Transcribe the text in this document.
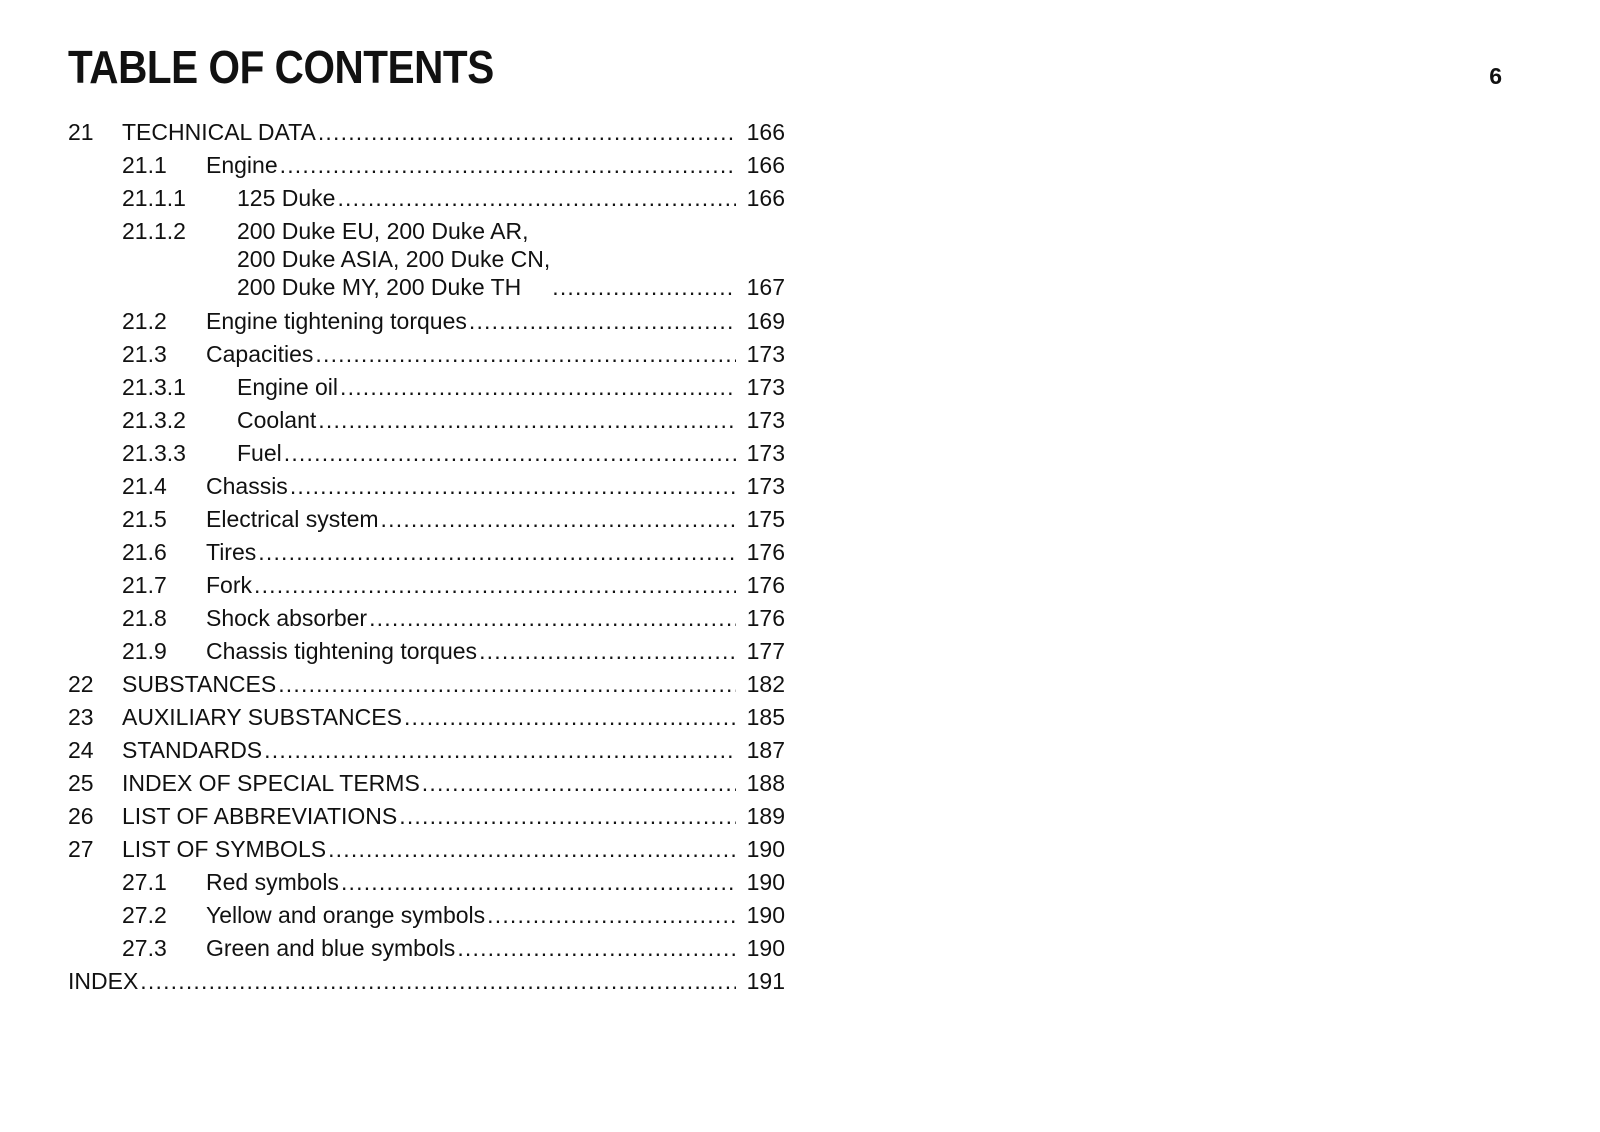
TABLE OF CONTENTS	6
21 TECHNICAL DATA .....	166
21.1 Engine .....	166
21.1.1 125 Duke .....	166
21.1.2 200 Duke EU, 200 Duke AR,
200 Duke ASIA, 200 Duke CN,
200 Duke MY, 200 Duke TH .....	167
21.2 Engine tightening torques .....	169
21.3 Capacities .....	173
21.3.1 Engine oil .....	173
21.3.2 Coolant .....	173
21.3.3 Fuel .....	173
21.4 Chassis .....	173
21.5 Electrical system .....	175
21.6 Tires .....	176
21.7 Fork .....	176
21.8 Shock absorber .....	176
21.9 Chassis tightening torques .....	177
22 SUBSTANCES .....	182
23 AUXILIARY SUBSTANCES .....	185
24 STANDARDS .....	187
25 INDEX OF SPECIAL TERMS .....	188
26 LIST OF ABBREVIATIONS .....	189
27 LIST OF SYMBOLS .....	190
27.1 Red symbols .....	190
27.2 Yellow and orange symbols .....	190
27.3 Green and blue symbols .....	190
INDEX .....	191
